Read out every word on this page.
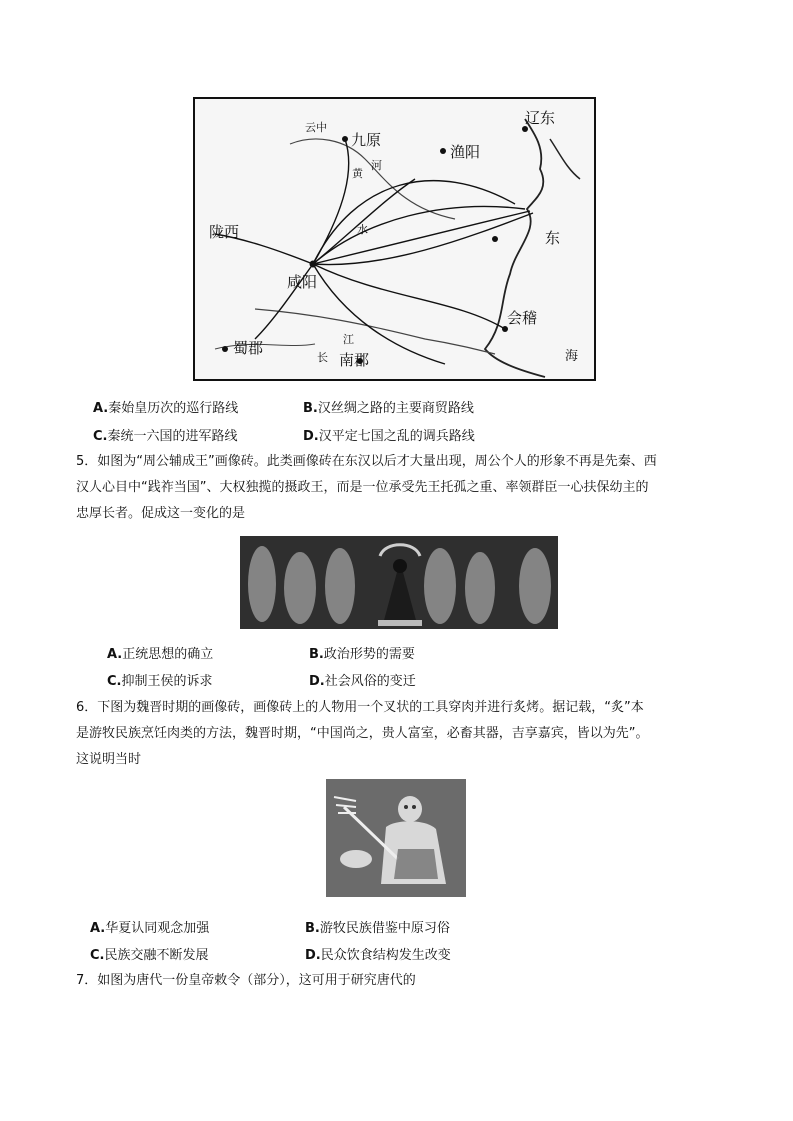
云中
九原
辽东
渔阳
陇西
咸阳
会稽
蜀郡
南郡
东
海
水
江
长
河
黄
A.秦始皇历次的巡行路线	B.汉丝绸之路的主要商贸路线
C.秦统一六国的进军路线	D.汉平定七国之乱的调兵路线
5．如图为“周公辅成王”画像砖。此类画像砖在东汉以后才大量出现，周公个人的形象不再是先秦、西
汉人心目中“践祚当国”、大权独揽的摄政王，而是一位承受先王托孤之重、率领群臣一心扶保幼主的
忠厚长者。促成这一变化的是
A.正统思想的确立	B.政治形势的需要
C.抑制王侯的诉求	D.社会风俗的变迁
6．下图为魏晋时期的画像砖，画像砖上的人物用一个叉状的工具穿肉并进行炙烤。据记载，“炙”本
是游牧民族烹饪肉类的方法，魏晋时期，“中国尚之，贵人富室，必畜其器，吉享嘉宾，皆以为先”。
这说明当时
A.华夏认同观念加强	B.游牧民族借鉴中原习俗
C.民族交融不断发展	D.民众饮食结构发生改变
7．如图为唐代一份皇帝敕令（部分），这可用于研究唐代的
